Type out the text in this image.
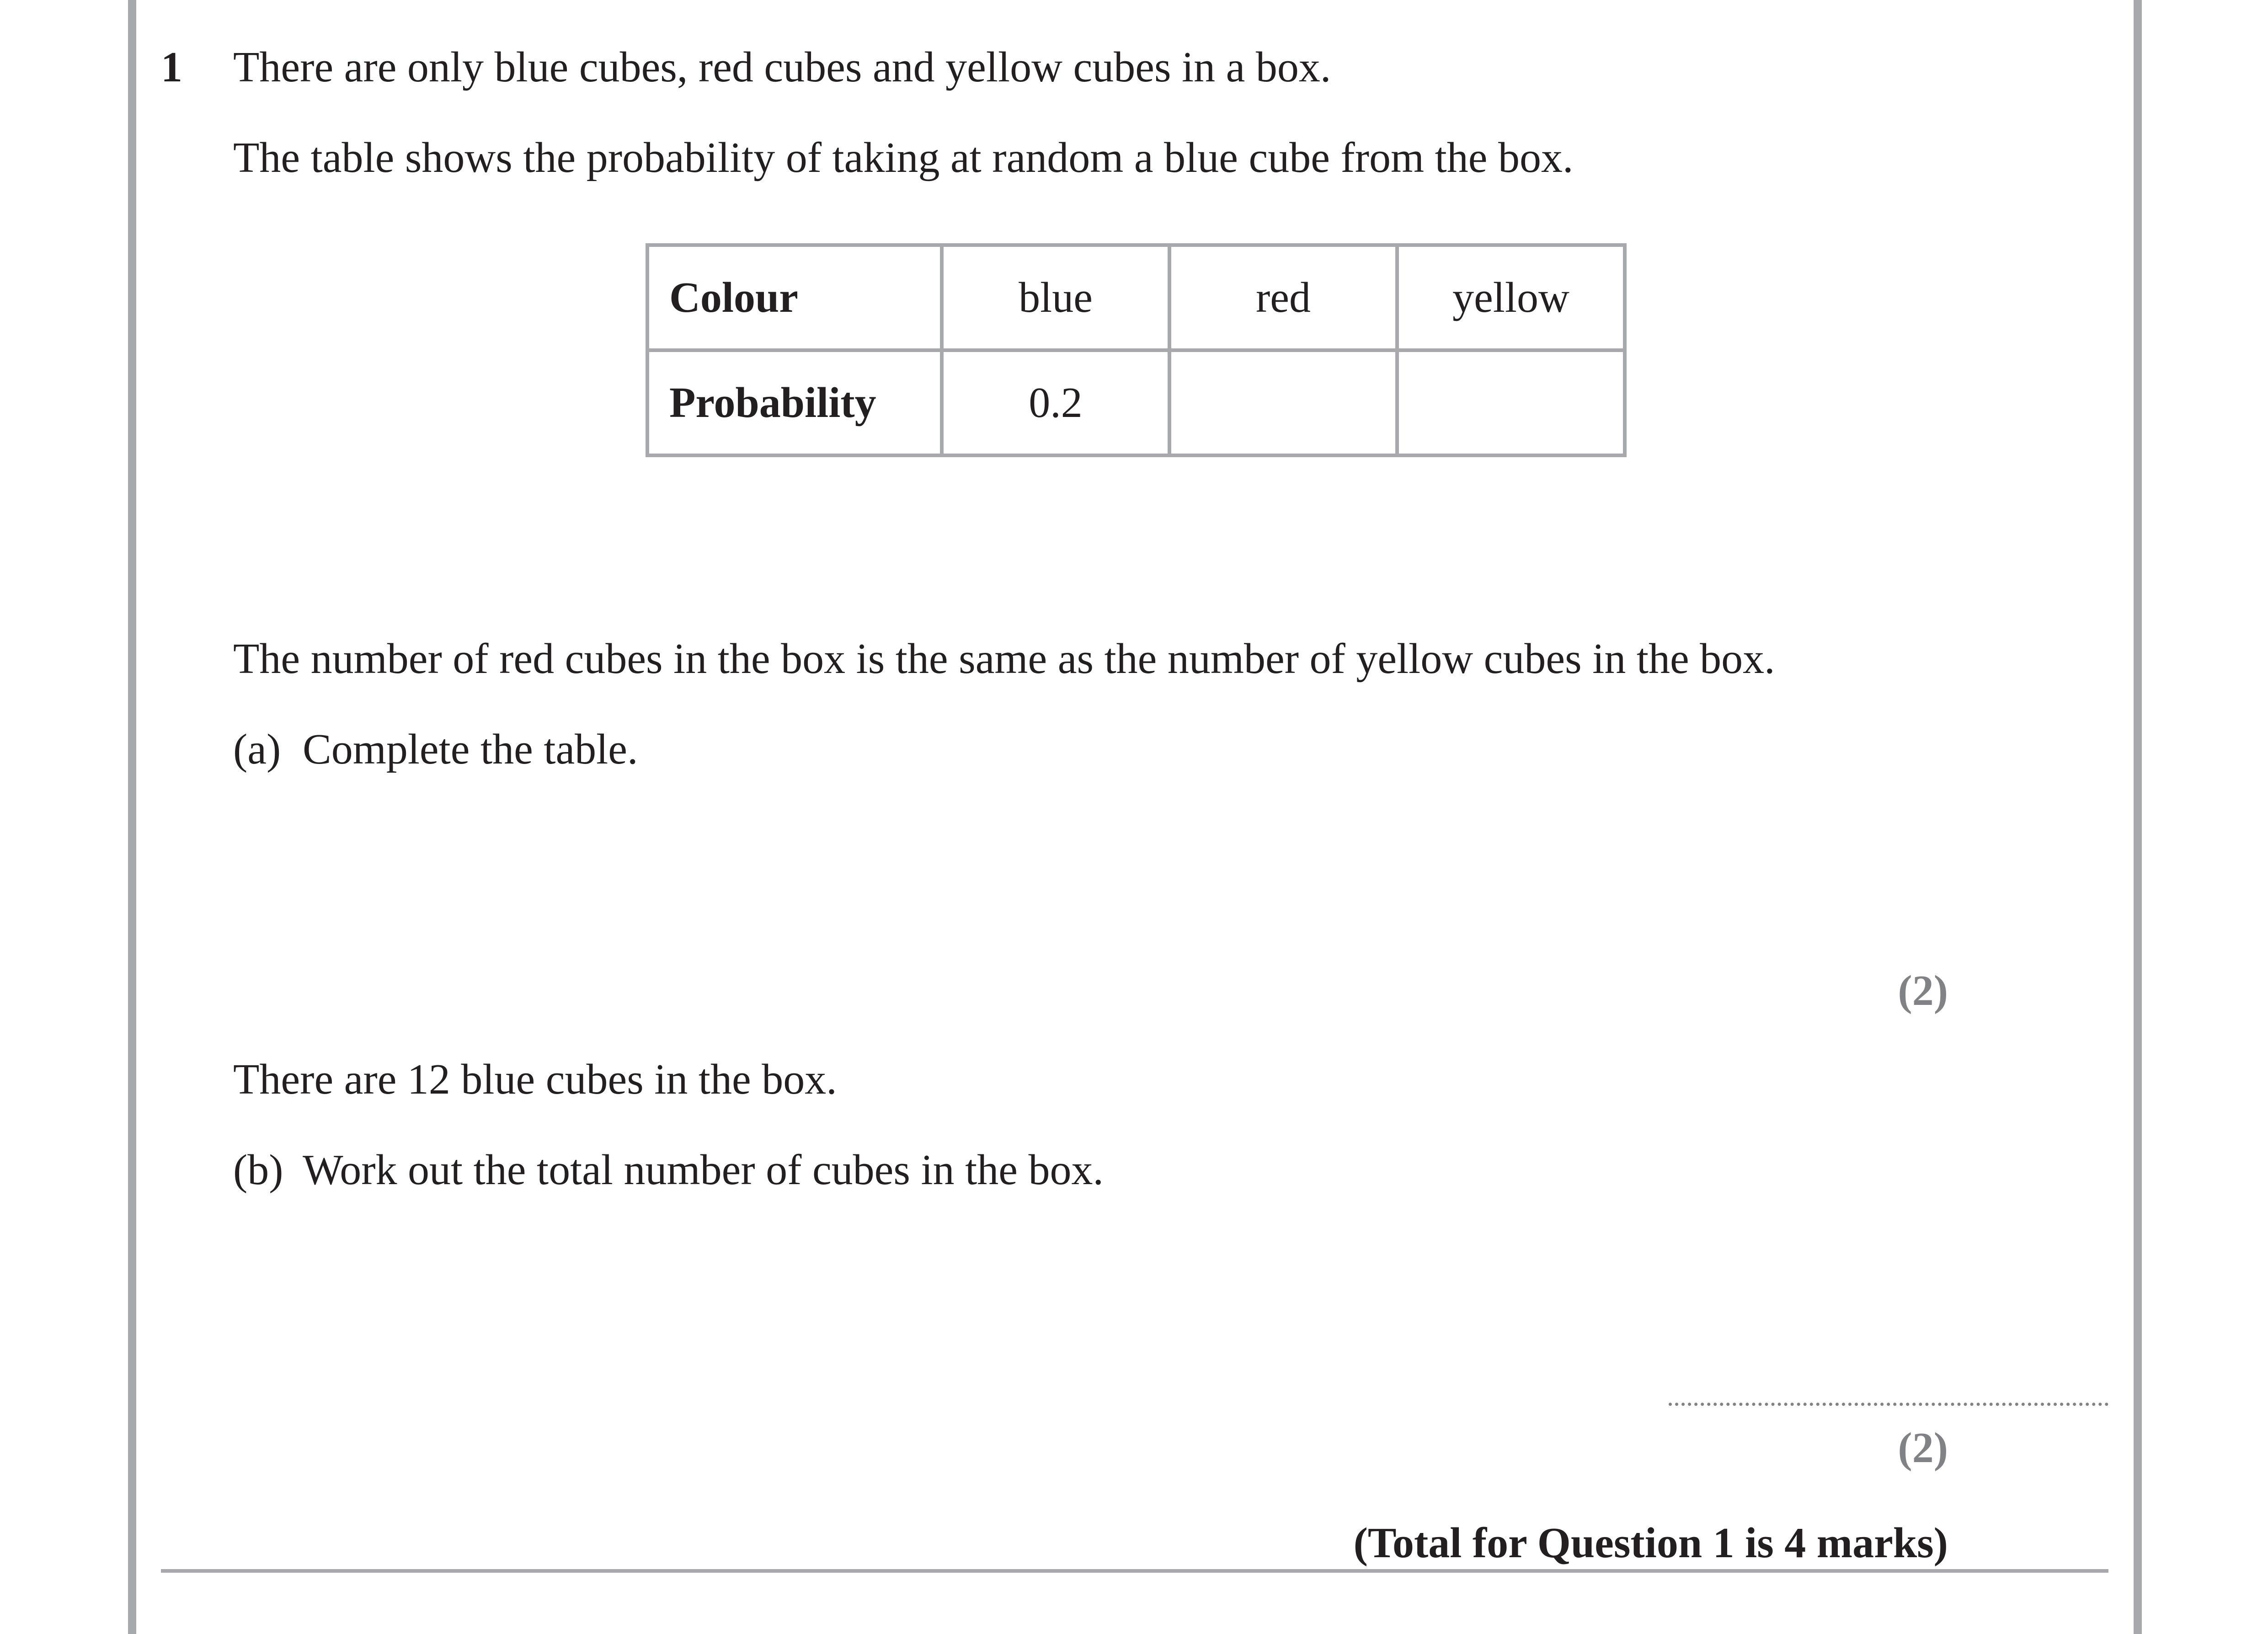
1 There are only blue cubes, red cubes and yellow cubes in a box.
The table shows the probability of taking at random a blue cube from the box.
Colour	blue	red	yellow
Probability	0.2		
The number of red cubes in the box is the same as the number of yellow cubes in the box.
(a) Complete the table.
(2)
There are 12 blue cubes in the box.
(b) Work out the total number of cubes in the box.
(2)
(Total for Question 1 is 4 marks)
